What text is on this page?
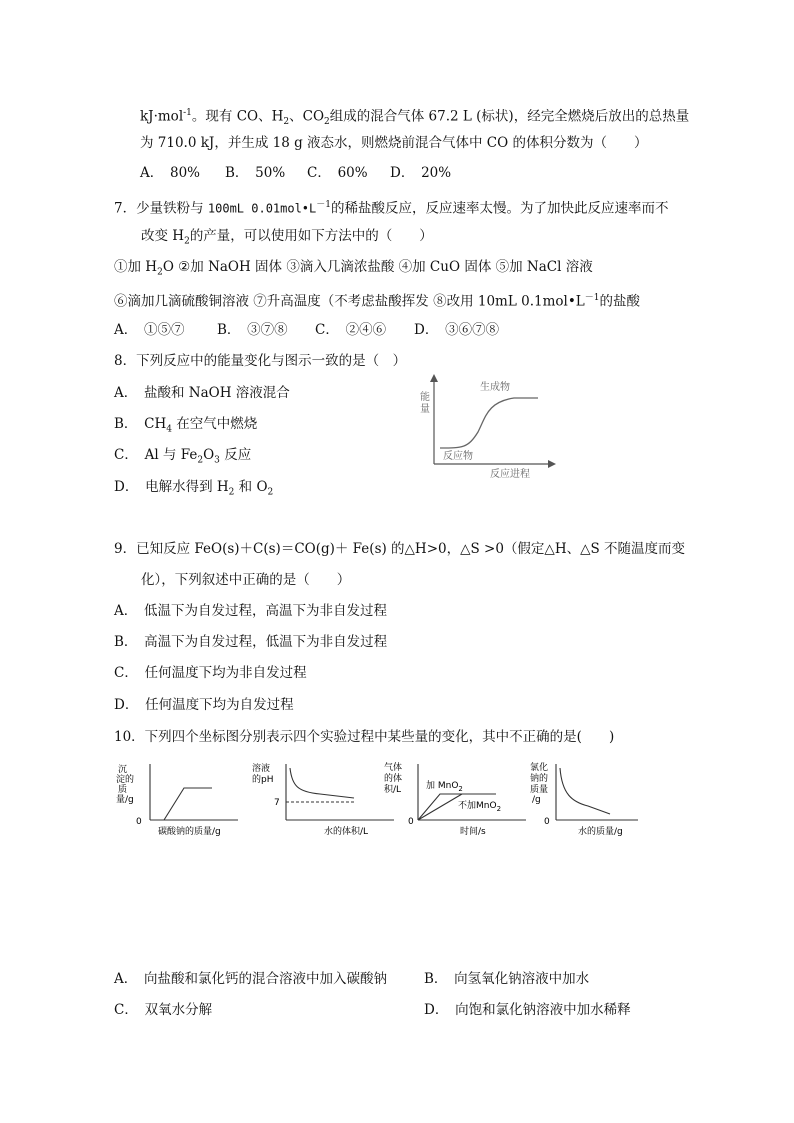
kJ·mol$^{-1}$。现有 CO、$H_2$、$CO_2$组成的混合气体 67.2 L (标状)，经完全燃烧后放出的总热量
为 710.0 kJ，并生成 18 g 液态水，则燃烧前混合气体中 CO 的体积分数为（　　）
A．　80% B．　50% C．　60% D．　20%
7．少量铁粉与 100mL $0.01mol•L^{-1}$的稀盐酸反应，反应速率太慢。为了加快此反应速率而不
改变 $H_2$的产量，可以使用如下方法中的（　　）
①加 $H_2O$ ②加 NaOH 固体 ③滴入几滴浓盐酸 ④加 CuO 固体 ⑤加 NaCl 溶液
⑥滴加几滴硫酸铜溶液 ⑦升高温度（不考虑盐酸挥发 ⑧改用 10mL $0.1mol•L^{-1}$的盐酸
A．　①⑤⑦ B．　③⑦⑧ C．　②④⑥ D．　③⑥⑦⑧
8．下列反应中的能量变化与图示一致的是（　）
A．　盐酸和 NaOH 溶液混合
B．　$CH_4$ 在空气中燃烧
C．　Al 与 $Fe_2O_3$ 反应
D．　电解水得到 $H_2$ 和 $O_2$
能
量
生成物
反应物
反应进程
9．已知反应 FeO(s)＋C(s)＝CO(g)＋ Fe(s) 的△H>0，△S >0（假定△H、△S 不随温度而变
化），下列叙述中正确的是（　　）
A．　低温下为自发过程，高温下为非自发过程
B．　高温下为自发过程，低温下为非自发过程
C．　任何温度下均为非自发过程
D．　任何温度下均为自发过程
10．下列四个坐标图分别表示四个实验过程中某些量的变化，其中不正确的是(　　)
沉
淀的
质
量/g
0
碳酸钠的质量/g
溶液
的pH
7
水的体积/L
气体
的体
积/L
0
加 MnO$_2$
不加MnO$_2$
时间/s
氯化
钠的
质量
/g
0
水的质量/g
A．　向盐酸和氯化钙的混合溶液中加入碳酸钠	B．　向氢氧化钠溶液中加水
C．　双氧水分解	D．　向饱和氯化钠溶液中加水稀释
